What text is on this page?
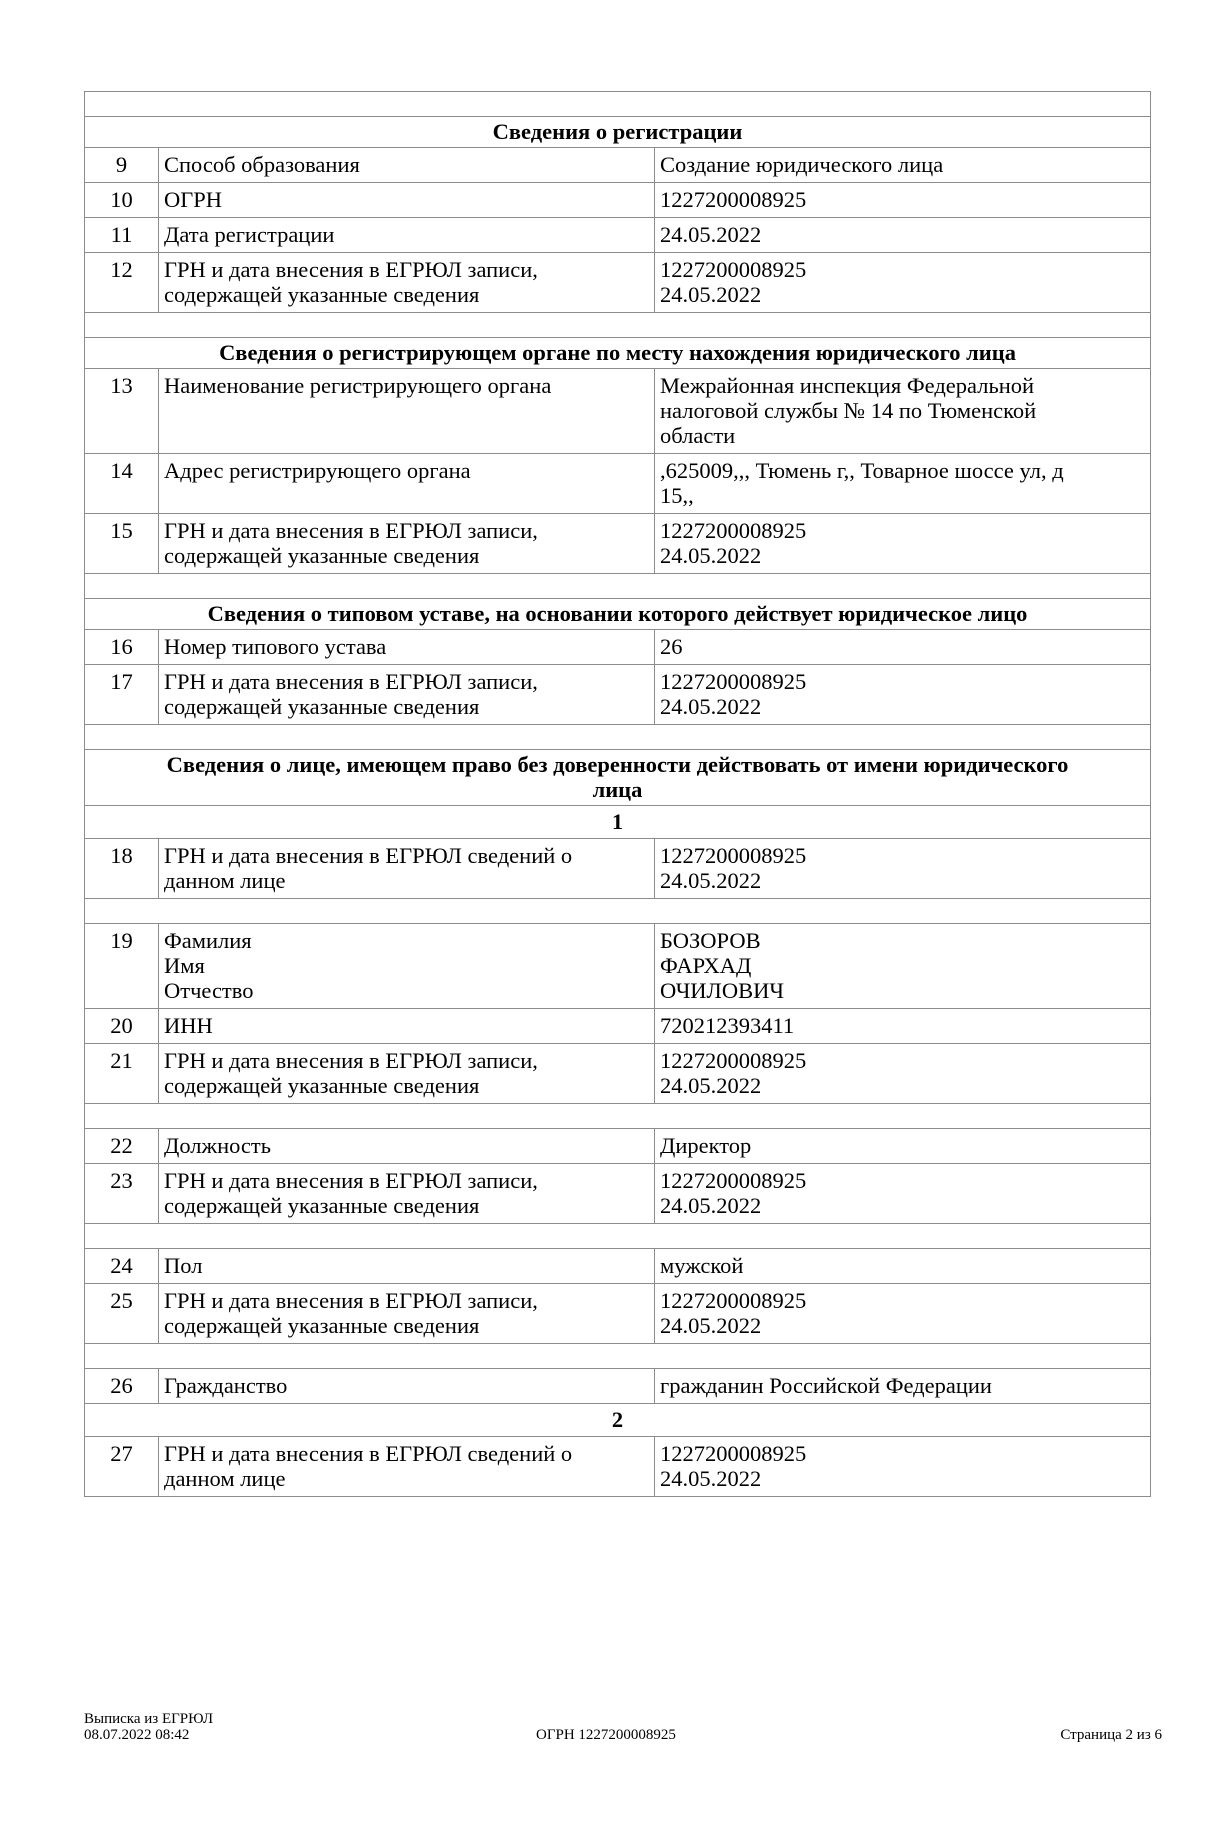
Сведения о регистрации		
9	Способ образования	Создание юридического лица

10	ОГРН	1227200008925

11	Дата регистрации	24.05.2022

12	ГРН и дата внесения в ЕГРЮЛ записи,
содержащей указанные сведения	1227200008925
24.05.2022

Сведения о регистрирующем органе по месту нахождения юридического лица		
13	Наименование регистрирующего органа	Межрайонная инспекция Федеральной
налоговой службы № 14 по Тюменской
области

14	Адрес регистрирующего органа	,625009,,, Тюмень г,, Товарное шоссе ул, д
15,,

15	ГРН и дата внесения в ЕГРЮЛ записи,
содержащей указанные сведения	1227200008925
24.05.2022

Сведения о типовом уставе, на основании которого действует юридическое лицо		
16	Номер типового устава	26

17	ГРН и дата внесения в ЕГРЮЛ записи,
содержащей указанные сведения	1227200008925
24.05.2022

Сведения о лице, имеющем право без доверенности действовать от имени юридического
лица		

1		
18	ГРН и дата внесения в ЕГРЮЛ сведений о
данном лице	1227200008925
24.05.2022

19	Фамилия
Имя
Отчество	БОЗОРОВ
ФАРХАД
ОЧИЛОВИЧ

20	ИНН	720212393411

21	ГРН и дата внесения в ЕГРЮЛ записи,
содержащей указанные сведения	1227200008925
24.05.2022

22	Должность	Директор

23	ГРН и дата внесения в ЕГРЮЛ записи,
содержащей указанные сведения	1227200008925
24.05.2022

24	Пол	мужской

25	ГРН и дата внесения в ЕГРЮЛ записи,
содержащей указанные сведения	1227200008925
24.05.2022

26	Гражданство	гражданин Российской Федерации

2		
27	ГРН и дата внесения в ЕГРЮЛ сведений о
данном лице	1227200008925
24.05.2022
Выписка из ЕГРЮЛ
08.07.2022 08:42	ОГРН 1227200008925	Страница 2 из 6
